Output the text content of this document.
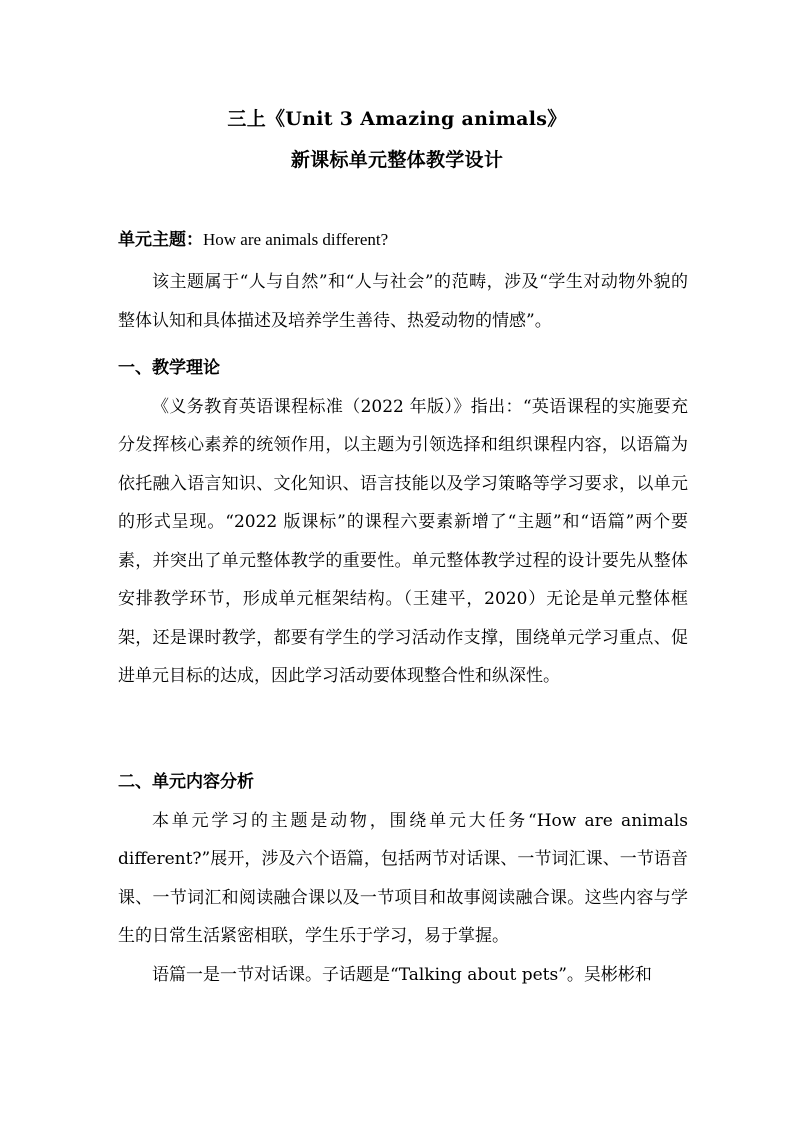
三上《Unit 3 Amazing animals》
新课标单元整体教学设计
单元主题：How are animals different?

该主题属于“人与自然”和“人与社会”的范畴，涉及“学生对动物外貌的整体认知和具体描述及培养学生善待、热爱动物的情感”。

一、教学理论

《义务教育英语课程标准（2022 年版）》指出：“英语课程的实施要充分发挥核心素养的统领作用，以主题为引领选择和组织课程内容，以语篇为依托融入语言知识、文化知识、语言技能以及学习策略等学习要求，以单元的形式呈现。“2022 版课标”的课程六要素新增了“主题”和“语篇”两个要素，并突出了单元整体教学的重要性。单元整体教学过程的设计要先从整体安排教学环节，形成单元框架结构。（王建平，2020）无论是单元整体框架，还是课时教学，都要有学生的学习活动作支撑，围绕单元学习重点、促进单元目标的达成，因此学习活动要体现整合性和纵深性。

二、单元内容分析

本单元学习的主题是动物，围绕单元大任务“How are animals different?”展开，涉及六个语篇，包括两节对话课、一节词汇课、一节语音课、一节词汇和阅读融合课以及一节项目和故事阅读融合课。这些内容与学生的日常生活紧密相联，学生乐于学习，易于掌握。

语篇一是一节对话课。子话题是“Talking about pets”。吴彬彬和
